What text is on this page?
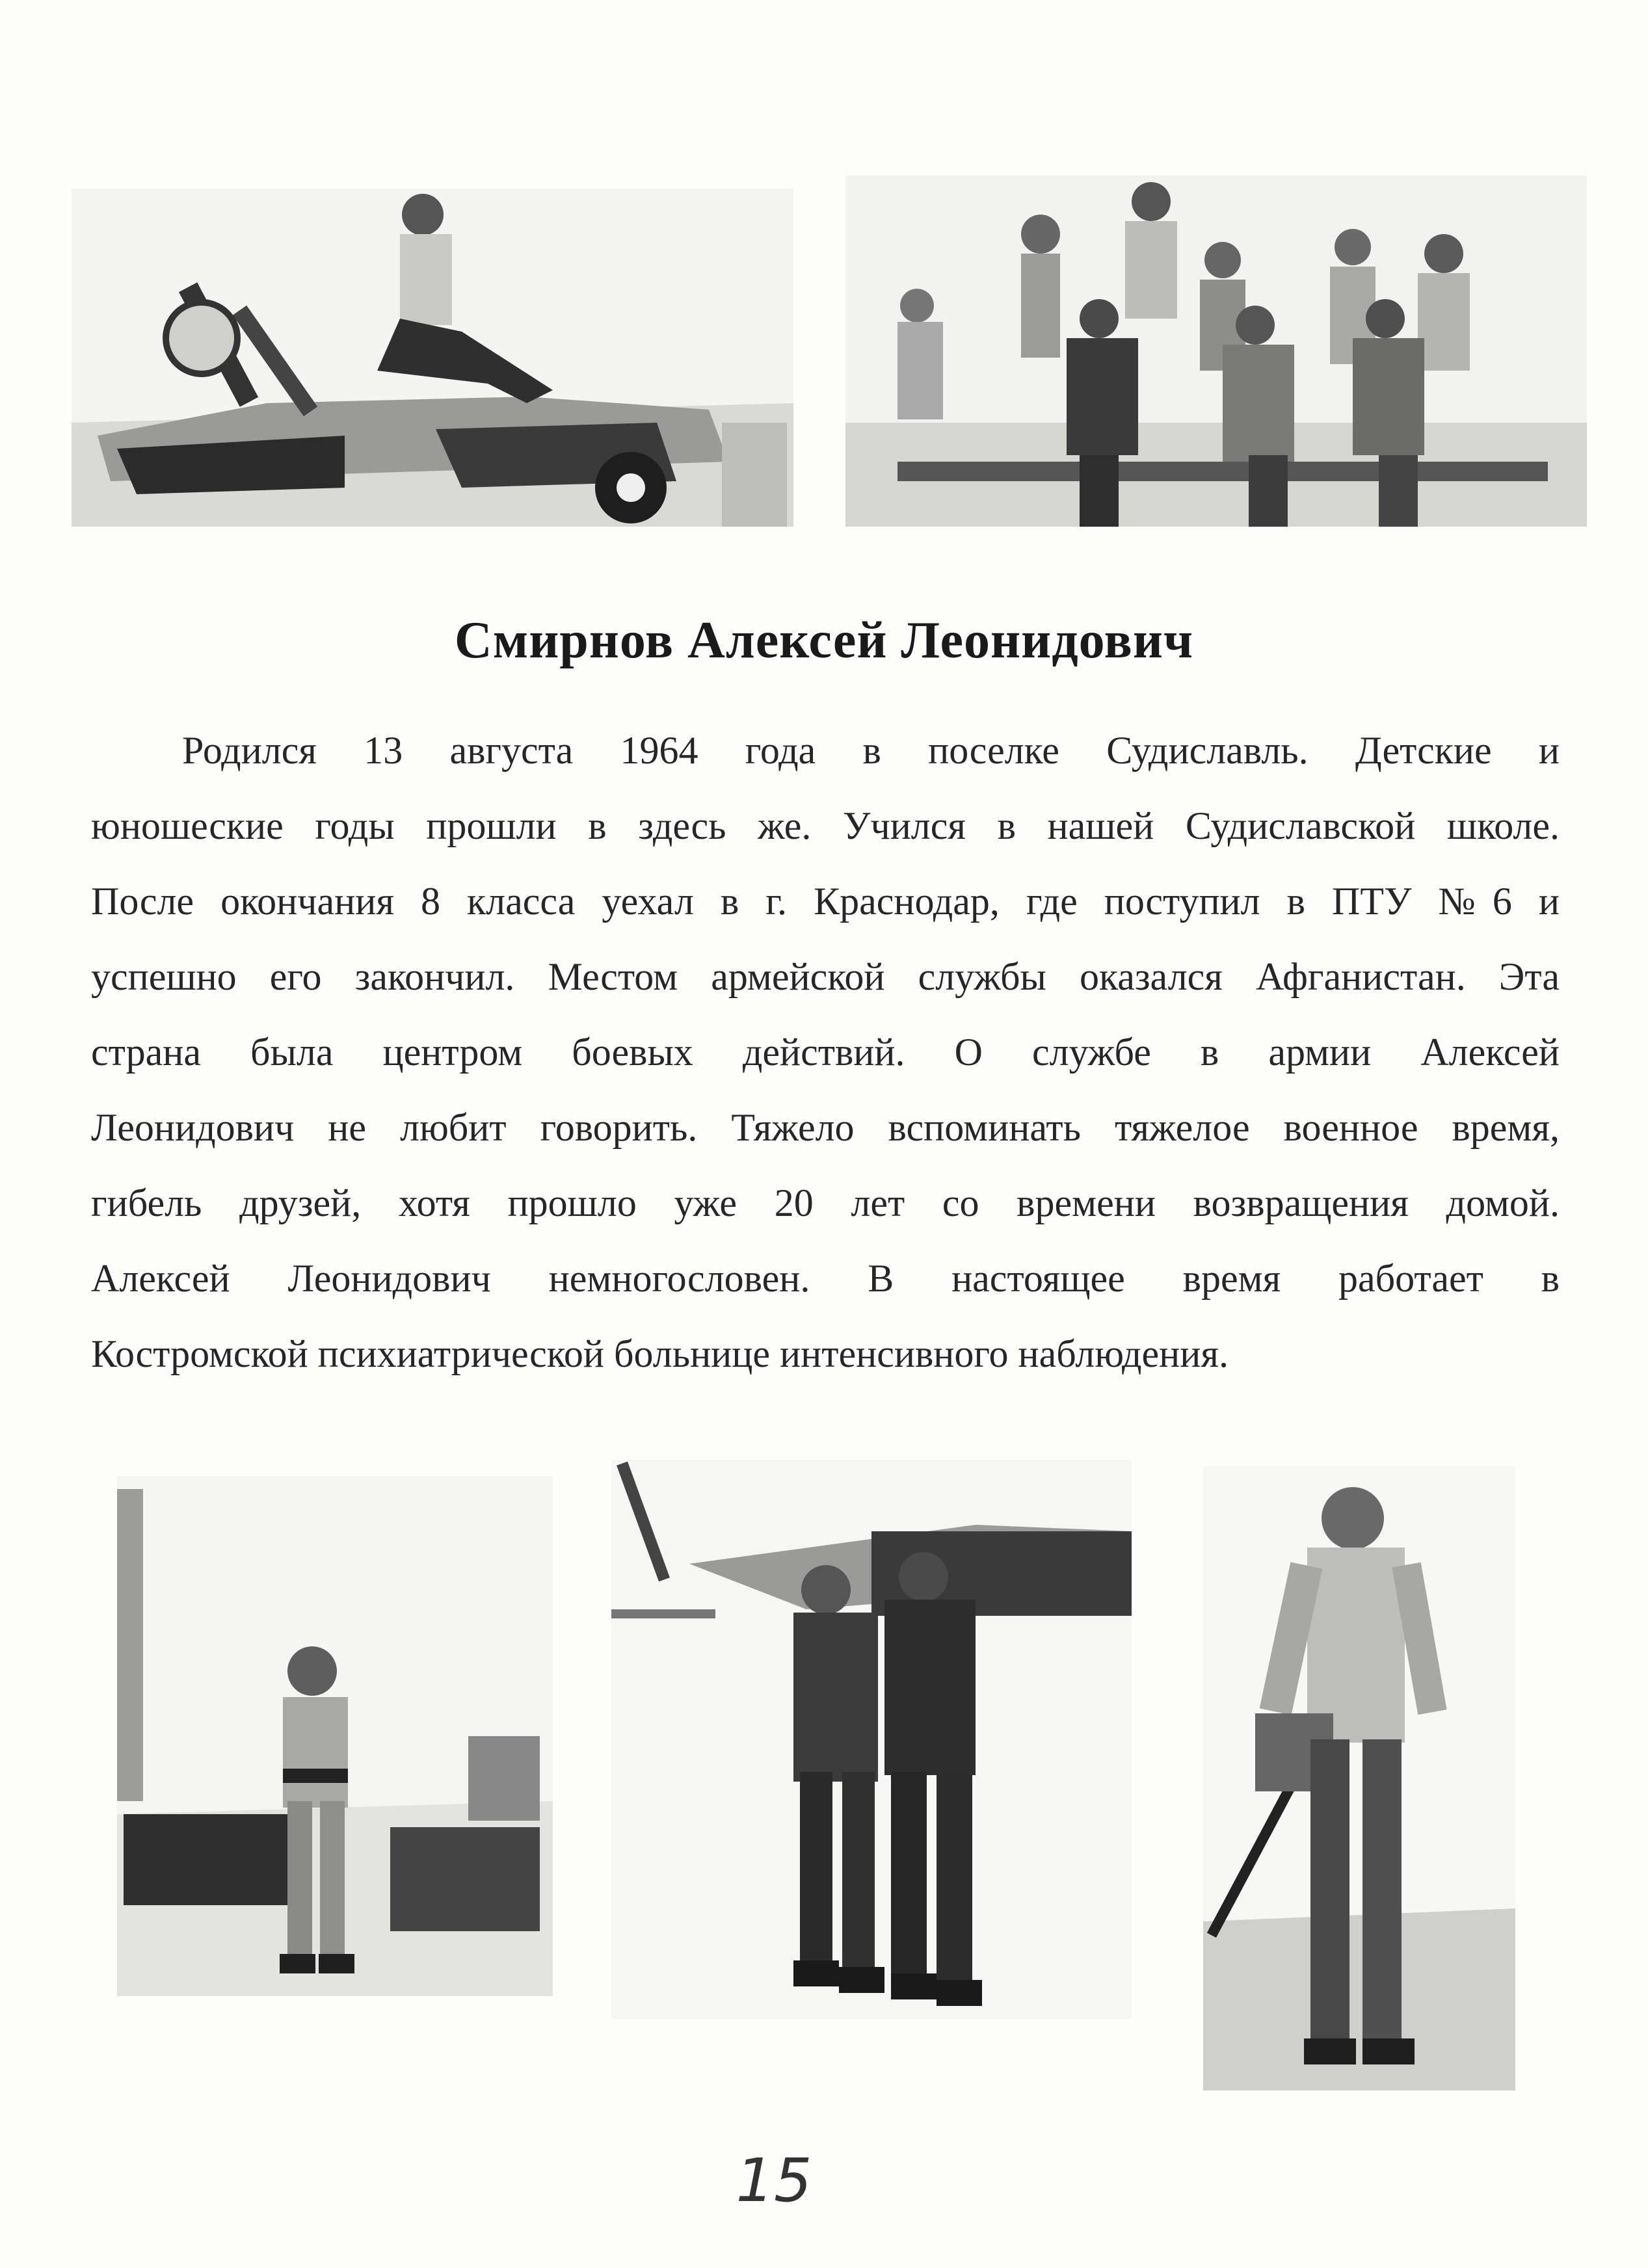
Смирнов Алексей Леонидович
Родился 13 августа 1964 года в поселке Судиславль. Детские и
юношеские годы прошли в здесь же. Учился в нашей Судиславской школе.
После окончания 8 класса уехал в г. Краснодар, где поступил в ПТУ №6 и
успешно его закончил. Местом армейской службы оказался Афганистан. Эта
страна была центром боевых действий. О службе в армии Алексей
Леонидович не любит говорить. Тяжело вспоминать тяжелое военное время,
гибель друзей, хотя прошло уже 20 лет со времени возвращения домой.
Алексей Леонидович немногословен. В настоящее время работает в
Костромской психиатрической больнице интенсивного наблюдения.
15
